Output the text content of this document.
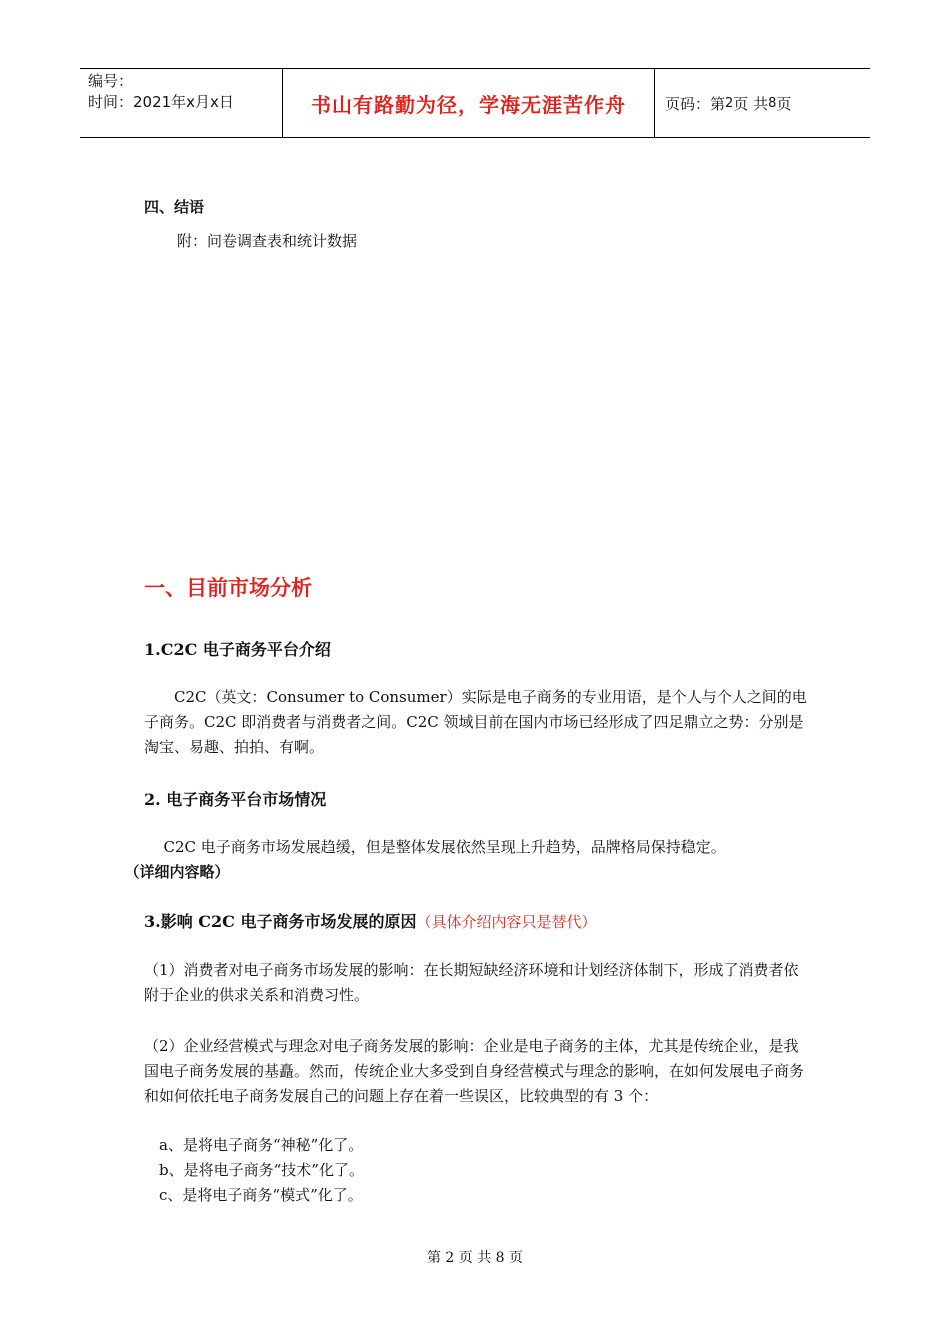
编号：
时间：2021年x月x日	书山有路勤为径，学海无涯苦作舟	页码：第 2 页 共 8 页
四、结语
附：问卷调查表和统计数据
一、目前市场分析
1.C2C 电子商务平台介绍
C2C（英文：Consumer to Consumer）实际是电子商务的专业用语，是个人与个人之间的电子商务。C2C 即消费者与消费者之间。C2C 领域目前在国内市场已经形成了四足鼎立之势：分别是淘宝、易趣、拍拍、有啊。
2. 电子商务平台市场情况
C2C 电子商务市场发展趋缓，但是整体发展依然呈现上升趋势，品牌格局保持稳定。
（详细内容略）
3.影响 C2C 电子商务市场发展的原因（具体介绍内容只是替代）
（1）消费者对电子商务市场发展的影响：在长期短缺经济环境和计划经济体制下，形成了消费者依附于企业的供求关系和消费习性。
（2）企业经营模式与理念对电子商务发展的影响：企业是电子商务的主体，尤其是传统企业，是我国电子商务发展的基矗。然而，传统企业大多受到自身经营模式与理念的影响，在如何发展电子商务和如何依托电子商务发展自己的问题上存在着一些误区，比较典型的有 3 个：
a、是将电子商务“神秘”化了。
b、是将电子商务“技术”化了。
c、是将电子商务“模式”化了。
第 2 页 共 8 页
